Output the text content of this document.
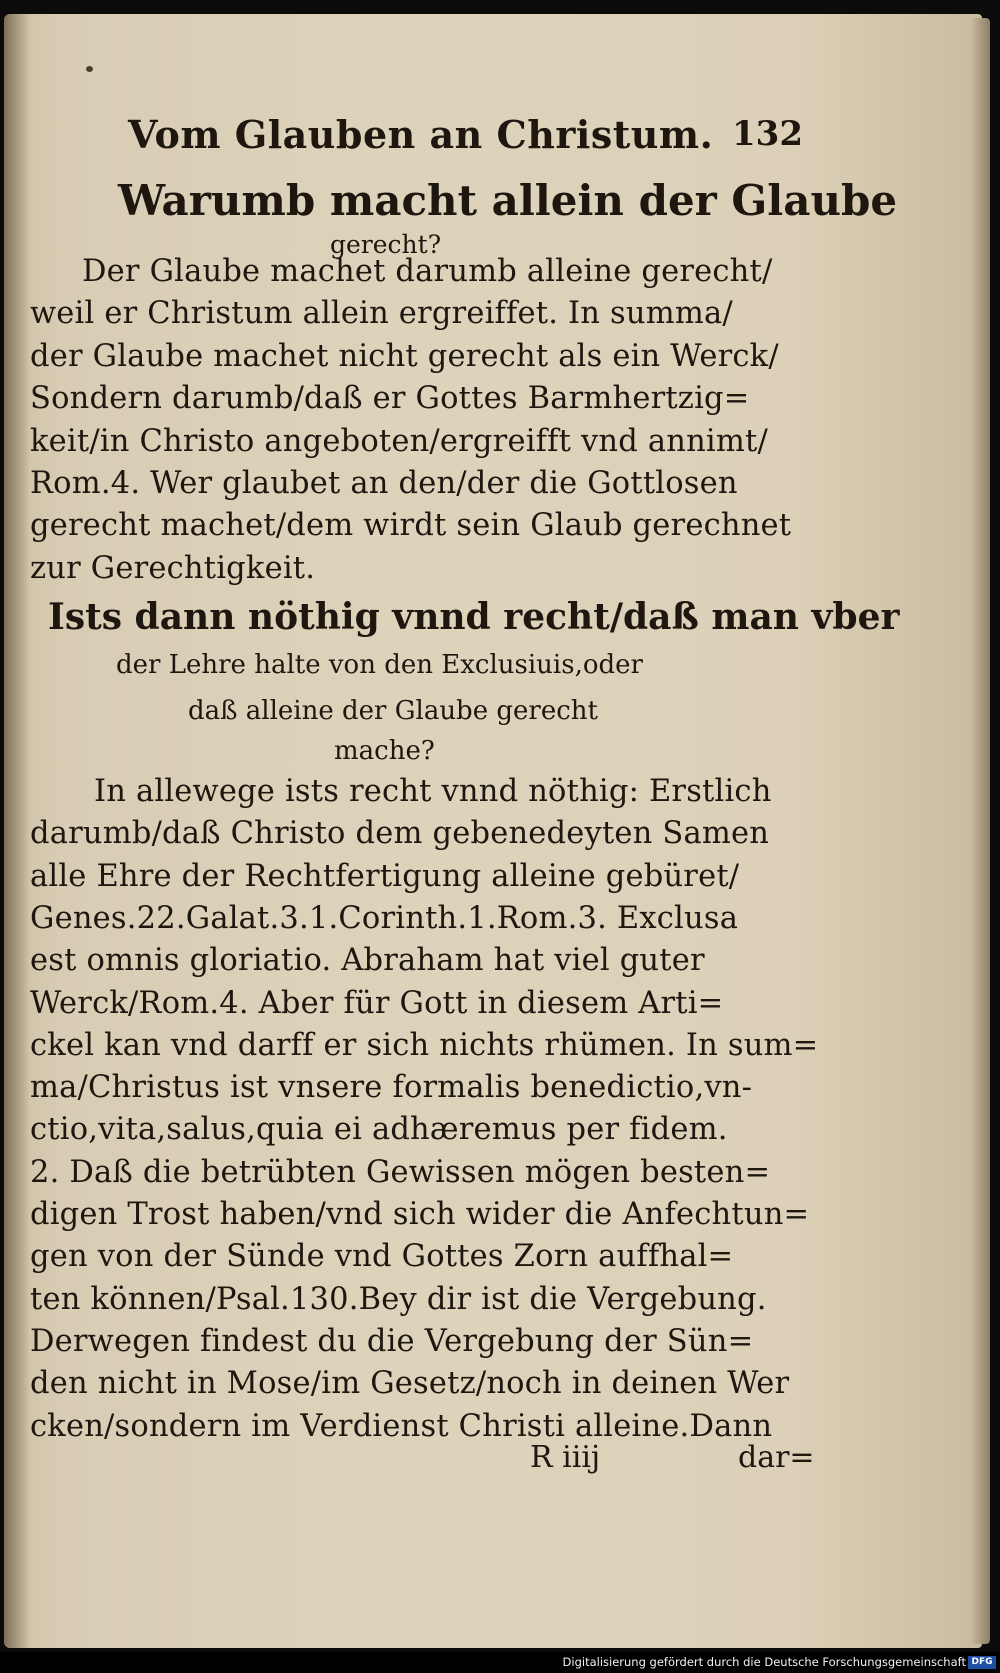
Vom Glauben an Christum. 132
Warumb macht allein der Glaube
gerecht?
Der Glaube machet darumb alleine gerecht/
weil er Christum allein ergreiffet. In summa/
der Glaube machet nicht gerecht als ein Werck/
Sondern darumb/daß er Gottes Barmhertzig=
keit/in Christo angeboten/ergreifft vnd annimt/
Rom.4. Wer glaubet an den/der die Gottlosen
gerecht machet/dem wirdt sein Glaub gerechnet
zur Gerechtigkeit.
Ists dann nöthig vnnd recht/daß man vber
der Lehre halte von den Exclusiuis,oder
daß alleine der Glaube gerecht
mache?
In allewege ists recht vnnd nöthig: Erstlich
darumb/daß Christo dem gebenedeyten Samen
alle Ehre der Rechtfertigung alleine gebüret/
Genes.22.Galat.3.1.Corinth.1.Rom.3. Exclusa
est omnis gloriatio. Abraham hat viel guter
Werck/Rom.4. Aber für Gott in diesem Arti=
ckel kan vnd darff er sich nichts rhümen. In sum=
ma/Christus ist vnsere formalis benedictio,vn-
ctio,vita,salus,quia ei adhæremus per fidem.
2. Daß die betrübten Gewissen mögen besten=
digen Trost haben/vnd sich wider die Anfechtun=
gen von der Sünde vnd Gottes Zorn auffhal=
ten können/Psal.130.Bey dir ist die Vergebung.
Derwegen findest du die Vergebung der Sün=
den nicht in Mose/im Gesetz/noch in deinen Wer
cken/sondern im Verdienst Christi alleine.Dann
R iiij	dar=
Digitalisierung gefördert durch die Deutsche Forschungsgemeinschaft DFG
